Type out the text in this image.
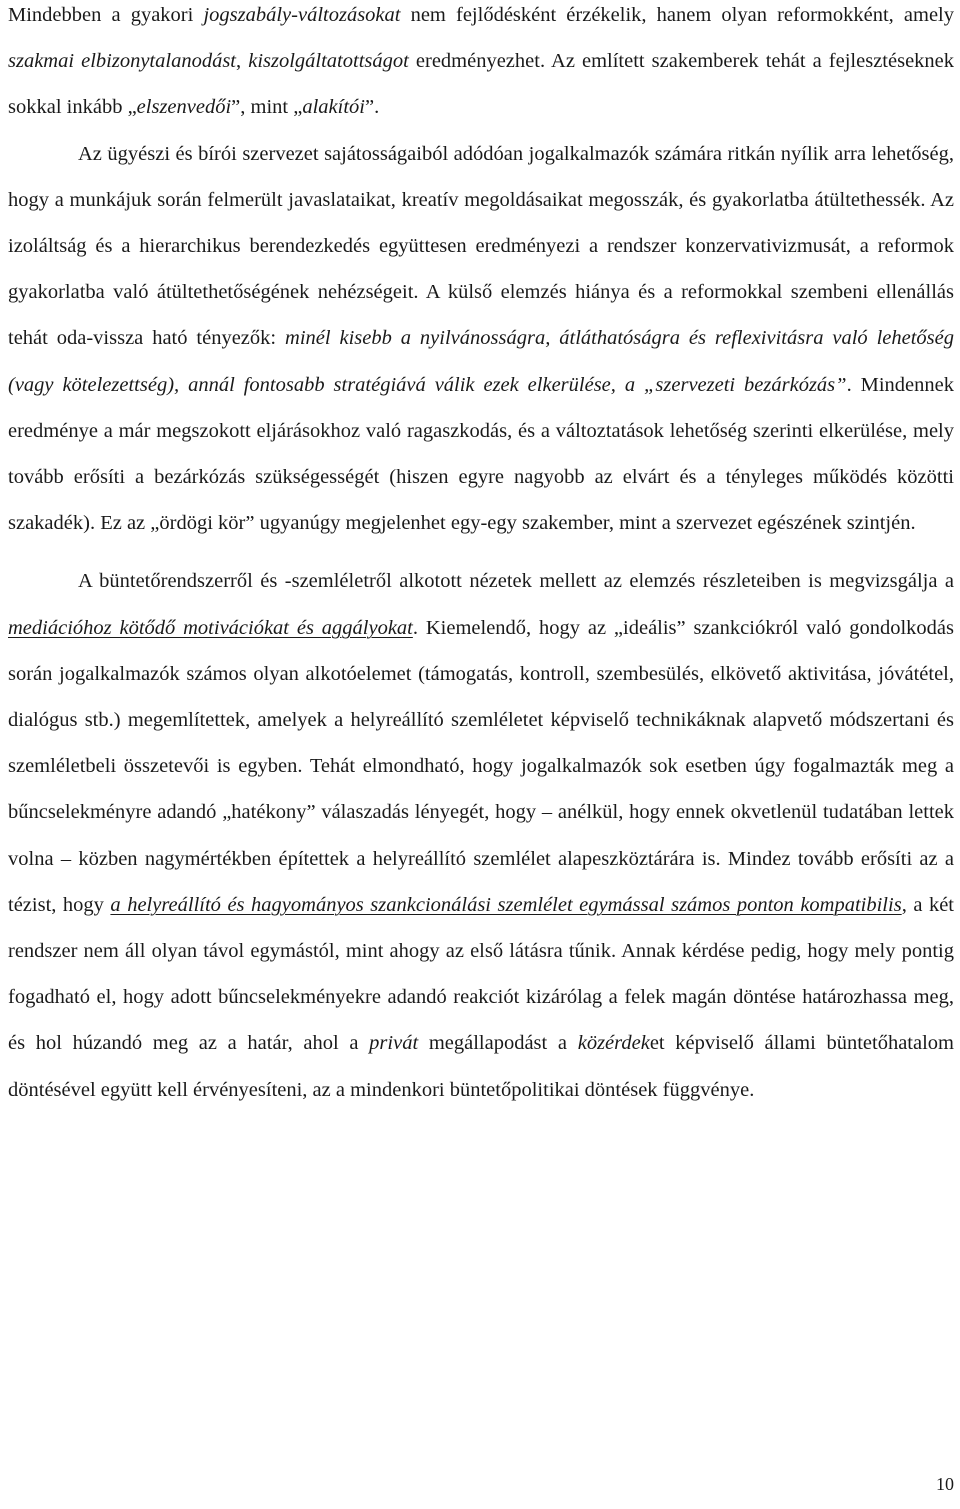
Mindebben a gyakori jogszabály-változásokat nem fejlődésként érzékelik, hanem olyan reformokként, amely szakmai elbizonytalanodást, kiszolgáltatottságot eredményezhet. Az említett szakemberek tehát a fejlesztéseknek sokkal inkább „elszenvedői”, mint „alakítói”.

Az ügyészi és bírói szervezet sajátosságaiból adódóan jogalkalmazók számára ritkán nyílik arra lehetőség, hogy a munkájuk során felmerült javaslataikat, kreatív megoldásaikat megosszák, és gyakorlatba átültethessék. Az izoláltság és a hierarchikus berendezkedés együttesen eredményezi a rendszer konzervativizmusát, a reformok gyakorlatba való átültethetőségének nehézségeit. A külső elemzés hiánya és a reformokkal szembeni ellenállás tehát oda-vissza ható tényezők: minél kisebb a nyilvánosságra, átláthatóságra és reflexivitásra való lehetőség (vagy kötelezettség), annál fontosabb stratégiává válik ezek elkerülése, a „szervezeti bezárkózás”. Mindennek eredménye a már megszokott eljárásokhoz való ragaszkodás, és a változtatások lehetőség szerinti elkerülése, mely tovább erősíti a bezárkózás szükségességét (hiszen egyre nagyobb az elvárt és a tényleges működés közötti szakadék). Ez az „ördögi kör” ugyanúgy megjelenhet egy-egy szakember, mint a szervezet egészének szintjén.

A büntetőrendszerről és -szemléletről alkotott nézetek mellett az elemzés részleteiben is megvizsgálja a mediációhoz kötődő motivációkat és aggályokat. Kiemelendő, hogy az „ideális” szankciókról való gondolkodás során jogalkalmazók számos olyan alkotóelemet (támogatás, kontroll, szembesülés, elkövető aktivitása, jóvátétel, dialógus stb.) megemlítettek, amelyek a helyreállító szemléletet képviselő technikáknak alapvető módszertani és szemléletbeli összetevői is egyben. Tehát elmondható, hogy jogalkalmazók sok esetben úgy fogalmazták meg a bűncselekményre adandó „hatékony” válaszadás lényegét, hogy – anélkül, hogy ennek okvetlenül tudatában lettek volna – közben nagymértékben építettek a helyreállító szemlélet alapeszköztárára is. Mindez tovább erősíti az a tézist, hogy a helyreállító és hagyományos szankcionálási szemlélet egymással számos ponton kompatibilis, a két rendszer nem áll olyan távol egymástól, mint ahogy az első látásra tűnik. Annak kérdése pedig, hogy mely pontig fogadható el, hogy adott bűncselekményekre adandó reakciót kizárólag a felek magán döntése határozhassa meg, és hol húzandó meg az a határ, ahol a privát megállapodást a közérdeket képviselő állami büntetőhatalom döntésével együtt kell érvényesíteni, az a mindenkori büntetőpolitikai döntések függvénye.

10
